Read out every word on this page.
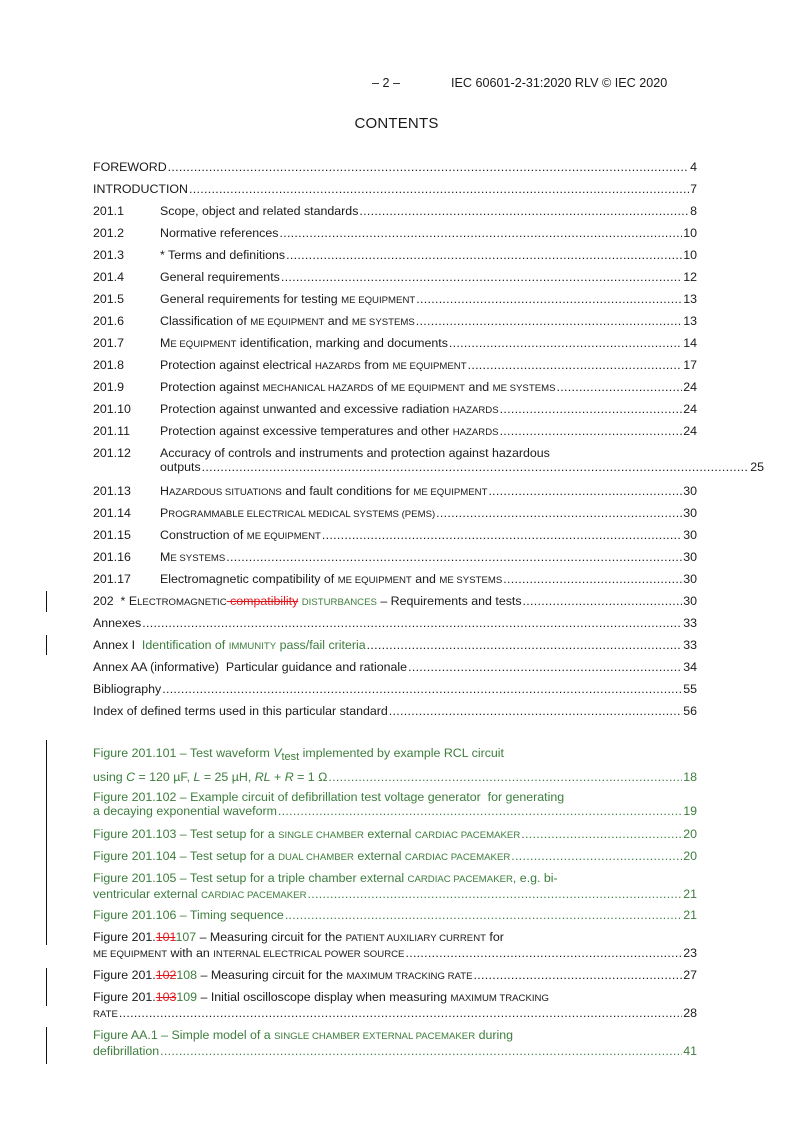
– 2 –	IEC 60601-2-31:2020 RLV © IEC 2020
CONTENTS
FOREWORD .....	4
INTRODUCTION .....	7
201.1	Scope, object and related standards .....	8
201.2	Normative references .....	10
201.3	* Terms and definitions .....	10
201.4	General requirements .....	12
201.5	General requirements for testing ME EQUIPMENT .....	13
201.6	Classification of ME EQUIPMENT and ME SYSTEMS .....	13
201.7	ME EQUIPMENT identification, marking and documents .....	14
201.8	Protection against electrical HAZARDS from ME EQUIPMENT .....	17
201.9	Protection against MECHANICAL HAZARDS of ME EQUIPMENT and ME SYSTEMS .....	24
201.10	Protection against unwanted and excessive radiation HAZARDS .....	24
201.11	Protection against excessive temperatures and other HAZARDS .....	24
201.12	Accuracy of controls and instruments and protection against hazardous
outputs .....	25
201.13	HAZARDOUS SITUATIONS and fault conditions for ME EQUIPMENT .....	30
201.14	PROGRAMMABLE ELECTRICAL MEDICAL SYSTEMS (PEMS) .....	30
201.15	Construction of ME EQUIPMENT .....	30
201.16	ME SYSTEMS .....	30
201.17	Electromagnetic compatibility of ME EQUIPMENT and ME SYSTEMS .....	30
202  * ELECTROMAGNETIC compatibility DISTURBANCES – Requirements and tests .....	30
Annexes .....	33
Annex I  Identification of IMMUNITY pass/fail criteria .....	33
Annex AA (informative)  Particular guidance and rationale .....	34
Bibliography .....	55
Index of defined terms used in this particular standard .....	56
Figure 201.101 – Test waveform Vtest implemented by example RCL circuit
using C = 120 µF, L = 25 µH, RL + R = 1 Ω .....	18
Figure 201.102 – Example circuit of defibrillation test voltage generator  for generating
a decaying exponential waveform .....	19
Figure 201.103 – Test setup for a SINGLE CHAMBER external CARDIAC PACEMAKER .....	20
Figure 201.104 – Test setup for a DUAL CHAMBER external CARDIAC PACEMAKER .....	20
Figure 201.105 – Test setup for a triple chamber external CARDIAC PACEMAKER, e.g. bi-
ventricular external CARDIAC PACEMAKER .....	21
Figure 201.106 – Timing sequence .....	21
Figure 201.101107 – Measuring circuit for the PATIENT AUXILIARY CURRENT for
ME EQUIPMENT with an INTERNAL ELECTRICAL POWER SOURCE .....	23
Figure 201.102108 – Measuring circuit for the MAXIMUM TRACKING RATE .....	27
Figure 201.103109 – Initial oscilloscope display when measuring MAXIMUM TRACKING
RATE .....	28
Figure AA.1 – Simple model of a SINGLE CHAMBER EXTERNAL PACEMAKER during
defibrillation .....	41
